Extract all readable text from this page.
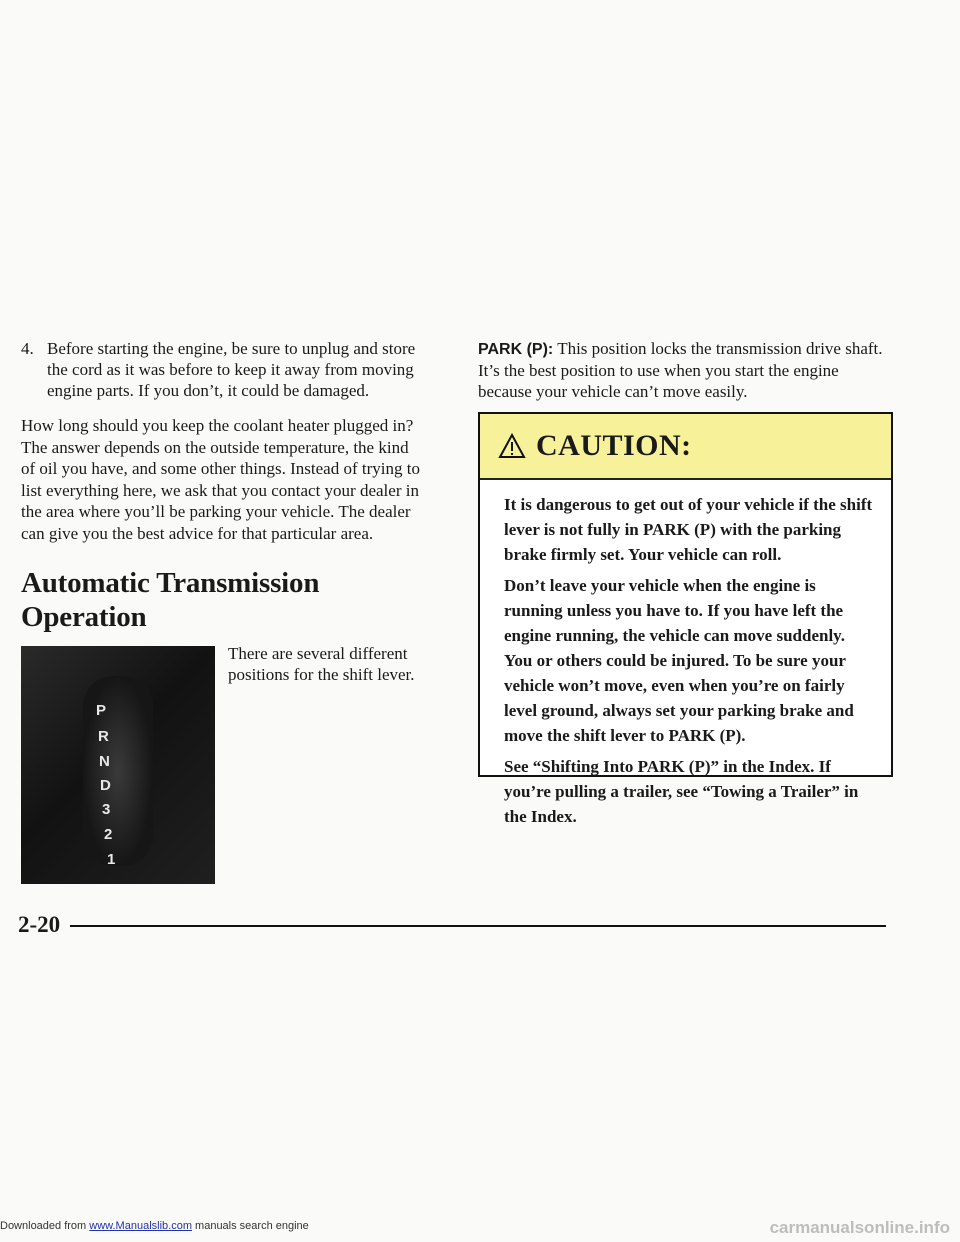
4. Before starting the engine, be sure to unplug and store the cord as it was before to keep it away from moving engine parts. If you don’t, it could be damaged.

How long should you keep the coolant heater plugged in? The answer depends on the outside temperature, the kind of oil you have, and some other things. Instead of trying to list everything here, we ask that you contact your dealer in the area where you’ll be parking your vehicle. The dealer can give you the best advice for that particular area.

Automatic Transmission Operation
P
R
N
D
3
2
1

There are several different positions for the shift lever.

PARK (P): This position locks the transmission drive shaft. It’s the best position to use when you start the engine because your vehicle can’t move easily.

CAUTION:

It is dangerous to get out of your vehicle if the shift lever is not fully in PARK (P) with the parking brake firmly set. Your vehicle can roll.

Don’t leave your vehicle when the engine is running unless you have to. If you have left the engine running, the vehicle can move suddenly. You or others could be injured. To be sure your vehicle won’t move, even when you’re on fairly level ground, always set your parking brake and move the shift lever to PARK (P).

See “Shifting Into PARK (P)” in the Index. If you’re pulling a trailer, see “Towing a Trailer” in the Index.

2-20
Downloaded from www.Manualslib.com manuals search engine	carmanualsonline.info
